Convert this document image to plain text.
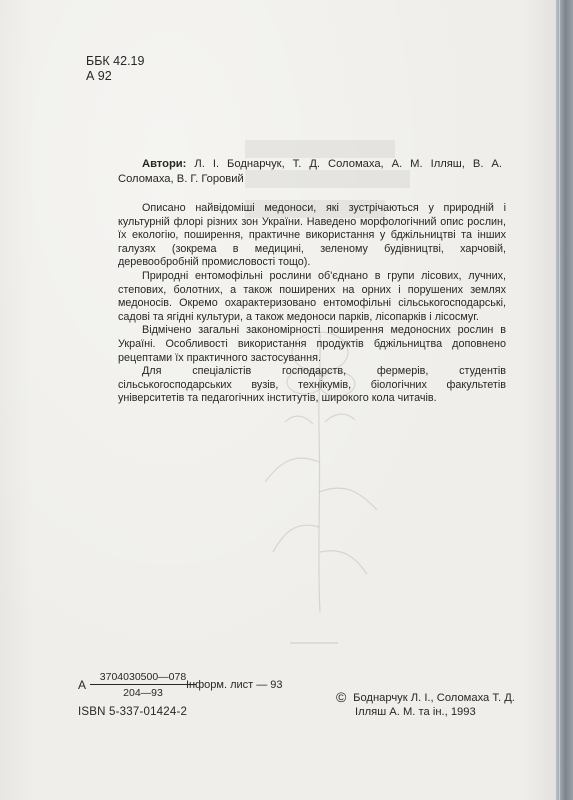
ББК 42.19
А 92

Автори: Л. І. Боднарчук, Т. Д. Соломаха, А. М. Ілляш, В. А. Соломаха, В. Г. Горовий

Описано найвідоміші медоноси, які зустрічаються у природній і культурній флорі різних зон України. Наведено морфологічний опис рослин, їх екологію, поширення, практичне використання у бджільництві та інших галузях (зокрема в медицині, зеленому будівництві, харчовій, деревообробній промисловості тощо).

Природні ентомофільні рослини об'єднано в групи лісових, лучних, степових, болотних, а також поширених на орних і порушених землях медоносів. Окремо охарактеризовано ентомофільні сільськогосподарські, садові та ягідні культури, а також медоноси парків, лісопарків і лісосмуг.

Відмічено загальні закономірності поширення медоносних рослин в Україні. Особливості використання продуктів бджільництва доповнено рецептами їх практичного застосування.

Для спеціалістів господарств, фермерів, студентів сільськогосподарських вузів, технікумів, біологічних факультетів університетів та педагогічних інститутів, широкого кола читачів.

А
3704030500—078
204—93
Інформ. лист — 93
ISBN 5-337-01424-2
© Боднарчук Л. І., Соломаха Т. Д.
Ілляш А. М. та ін., 1993
